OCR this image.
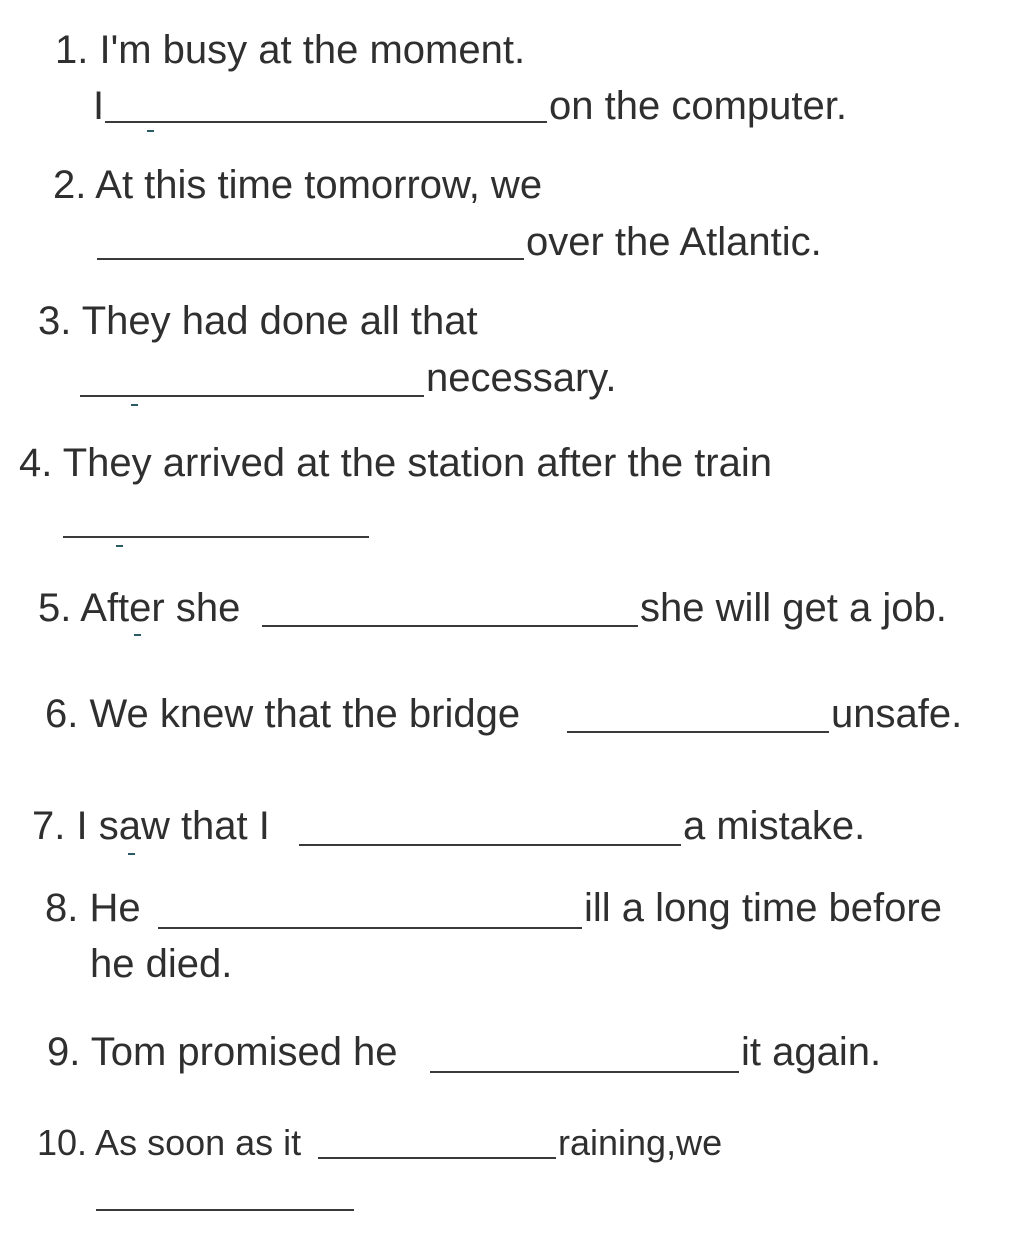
1. I'm busy at the moment.
I	on the computer.
2. At this time tomorrow, we
over the Atlantic.
3. They had done all that
necessary.
4. They arrived at the station after the train
5. After she	she will get a job.
6. We knew that the bridge	unsafe.
7. I saw that I	a mistake.
8. He	ill a long time before
he died.
9. Tom promised he	it again.
10. As soon as it	raining,we
